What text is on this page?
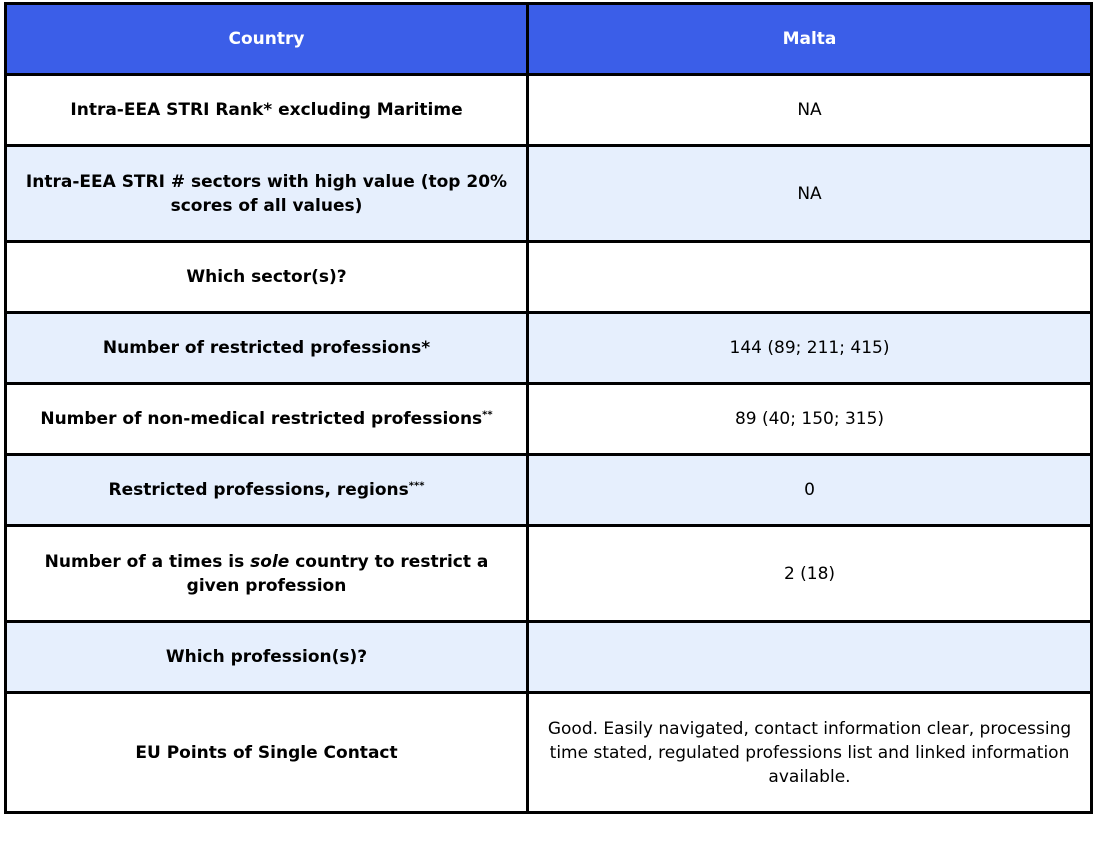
Country	Malta
Intra-EEA STRI Rank* excluding Maritime	NA
Intra-EEA STRI # sectors with high value (top 20% scores of all values)	NA
Which sector(s)?	
Number of restricted professions*	144 (89; 211; 415)
Number of non-medical restricted professions**	89 (40; 150; 315)
Restricted professions, regions***	0
Number of a times is sole country to restrict a given profession	2 (18)
Which profession(s)?	
EU Points of Single Contact	Good. Easily navigated, contact information clear, processing time stated, regulated professions list and linked information available.
